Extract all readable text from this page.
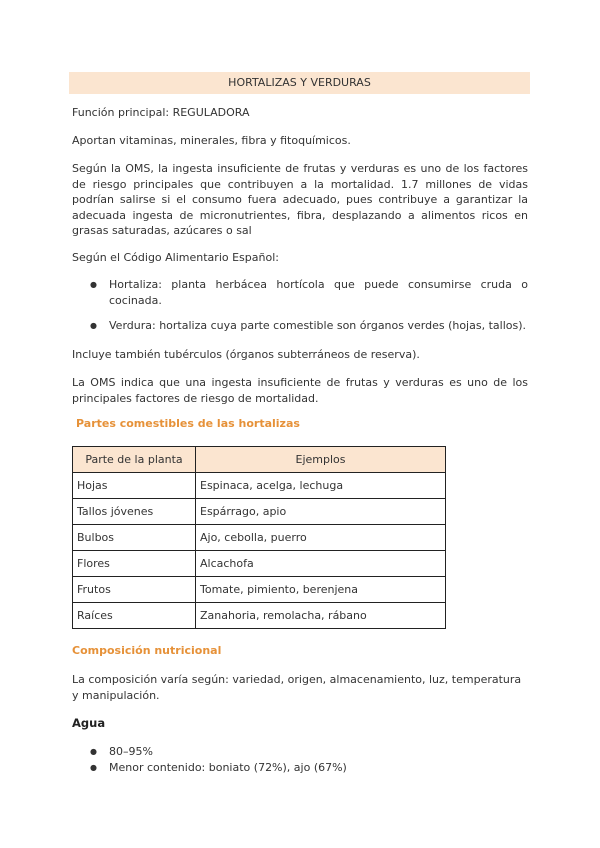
HORTALIZAS Y VERDURAS

Función principal: REGULADORA

Aportan vitaminas, minerales, fibra y fitoquímicos.

Según la OMS, la ingesta insuficiente de frutas y verduras es uno de los factores de riesgo principales que contribuyen a la mortalidad. 1.7 millones de vidas podrían salirse si el consumo fuera adecuado, pues contribuye a garantizar la adecuada ingesta de micronutrientes, fibra, desplazando a alimentos ricos en grasas saturadas, azúcares o sal

Según el Código Alimentario Español:

● Hortaliza: planta herbácea hortícola que puede consumirse cruda o cocinada.
● Verdura: hortaliza cuya parte comestible son órganos verdes (hojas, tallos).

Incluye también tubérculos (órganos subterráneos de reserva).

La OMS indica que una ingesta insuficiente de frutas y verduras es uno de los principales factores de riesgo de mortalidad.

Partes comestibles de las hortalizas
Parte de la planta	Ejemplos
Hojas	Espinaca, acelga, lechuga
Tallos jóvenes	Espárrago, apio
Bulbos	Ajo, cebolla, puerro
Flores	Alcachofa
Frutos	Tomate, pimiento, berenjena
Raíces	Zanahoria, remolacha, rábano
Composición nutricional

La composición varía según: variedad, origen, almacenamiento, luz, temperatura y manipulación.

Agua
● 80–95%
● Menor contenido: boniato (72%), ajo (67%)
